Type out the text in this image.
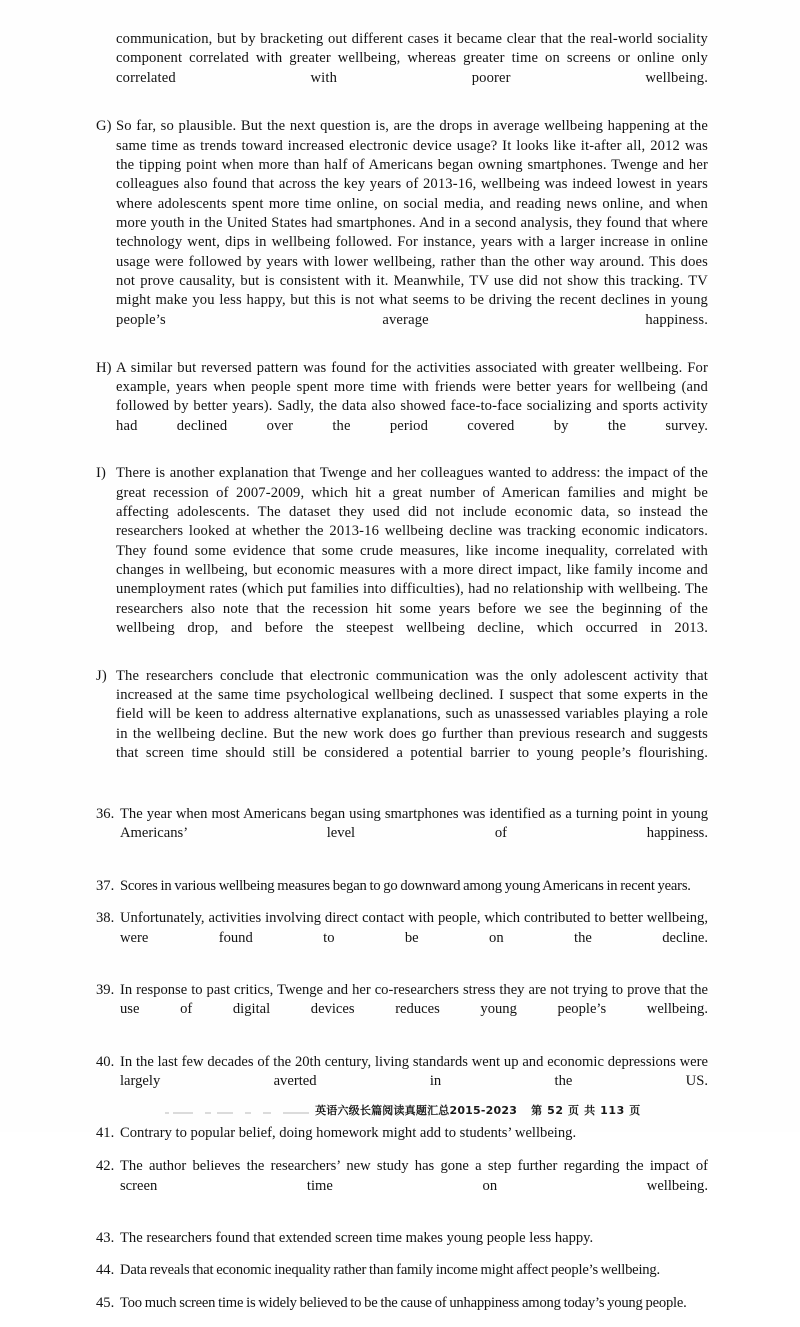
communication, but by bracketing out different cases it became clear that the real-world sociality component correlated with greater wellbeing, whereas greater time on screens or online only correlated with poorer wellbeing.
G) So far, so plausible. But the next question is, are the drops in average wellbeing happening at the same time as trends toward increased electronic device usage? It looks like it-after all, 2012 was the tipping point when more than half of Americans began owning smartphones. Twenge and her colleagues also found that across the key years of 2013-16, wellbeing was indeed lowest in years where adolescents spent more time online, on social media, and reading news online, and when more youth in the United States had smartphones. And in a second analysis, they found that where technology went, dips in wellbeing followed. For instance, years with a larger increase in online usage were followed by years with lower wellbeing, rather than the other way around. This does not prove causality, but is consistent with it. Meanwhile, TV use did not show this tracking. TV might make you less happy, but this is not what seems to be driving the recent declines in young people’s average happiness.
H) A similar but reversed pattern was found for the activities associated with greater wellbeing. For example, years when people spent more time with friends were better years for wellbeing (and followed by better years). Sadly, the data also showed face-to-face socializing and sports activity had declined over the period covered by the survey.
I) There is another explanation that Twenge and her colleagues wanted to address: the impact of the great recession of 2007-2009, which hit a great number of American families and might be affecting adolescents. The dataset they used did not include economic data, so instead the researchers looked at whether the 2013-16 wellbeing decline was tracking economic indicators. They found some evidence that some crude measures, like income inequality, correlated with changes in wellbeing, but economic measures with a more direct impact, like family income and unemployment rates (which put families into difficulties), had no relationship with wellbeing. The researchers also note that the recession hit some years before we see the beginning of the wellbeing drop, and before the steepest wellbeing decline, which occurred in 2013.
J) The researchers conclude that electronic communication was the only adolescent activity that increased at the same time psychological wellbeing declined. I suspect that some experts in the field will be keen to address alternative explanations, such as unassessed variables playing a role in the wellbeing decline. But the new work does go further than previous research and suggests that screen time should still be considered a potential barrier to young people’s flourishing.
36. The year when most Americans began using smartphones was identified as a turning point in young Americans’ level of happiness.
37. Scores in various wellbeing measures began to go downward among young Americans in recent years.
38. Unfortunately, activities involving direct contact with people, which contributed to better wellbeing, were found to be on the decline.
39. In response to past critics, Twenge and her co-researchers stress they are not trying to prove that the use of digital devices reduces young people’s wellbeing.
40. In the last few decades of the 20th century, living standards went up and economic depressions were largely averted in the US.
41. Contrary to popular belief, doing homework might add to students’ wellbeing.
42. The author believes the researchers’ new study has gone a step further regarding the impact of screen time on wellbeing.
43. The researchers found that extended screen time makes young people less happy.
44. Data reveals that economic inequality rather than family income might affect people’s wellbeing.
45. Too much screen time is widely believed to be the cause of unhappiness among today’s young people.
英语六级长篇阅读真题汇总2015-2023 第 52 页 共 113 页
